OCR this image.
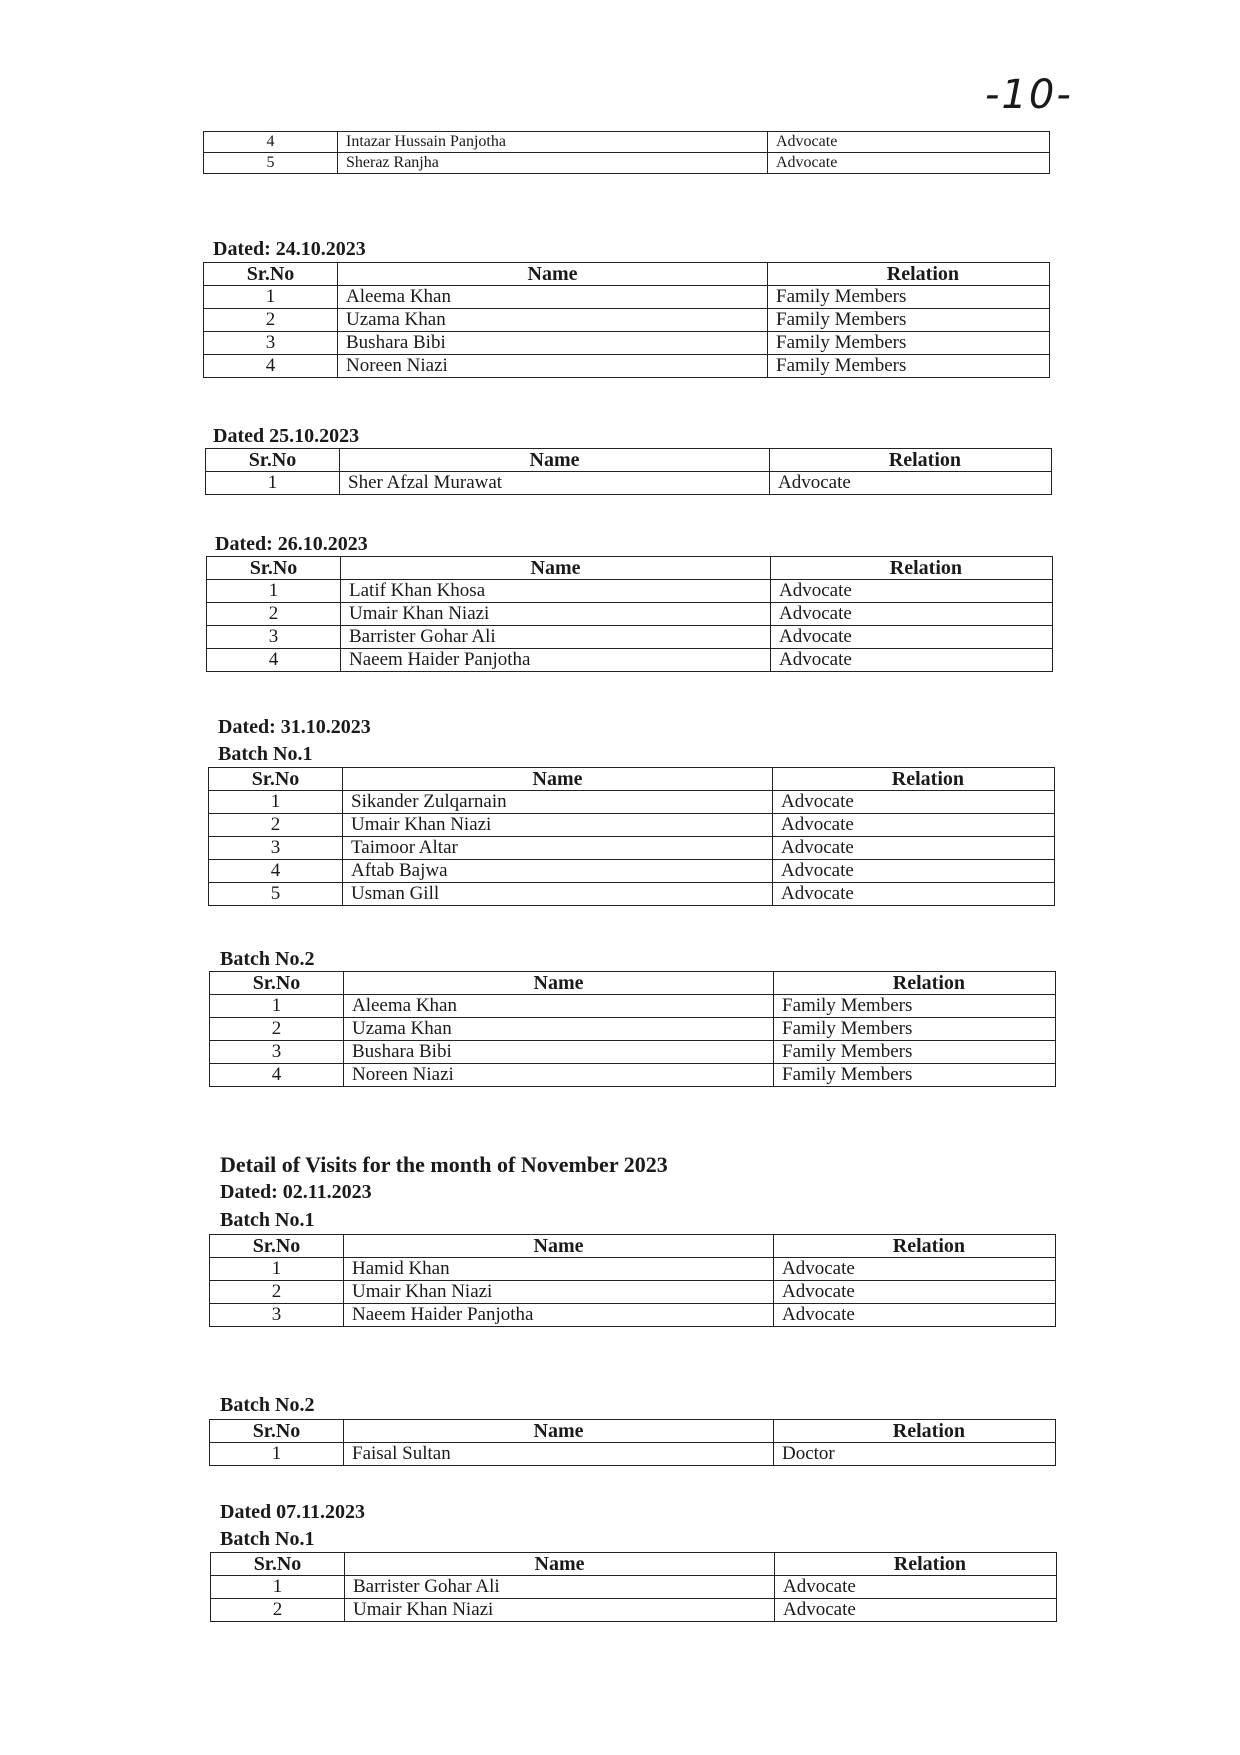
-10-
4	Intazar Hussain Panjotha	Advocate
5	Sheraz Ranjha	Advocate
Dated: 24.10.2023
Sr.No	Name	Relation
1	Aleema Khan	Family Members
2	Uzama Khan	Family Members
3	Bushara Bibi	Family Members
4	Noreen Niazi	Family Members
Dated 25.10.2023
Sr.No	Name	Relation
1	Sher Afzal Murawat	Advocate
Dated: 26.10.2023
Sr.No	Name	Relation
1	Latif Khan Khosa	Advocate
2	Umair Khan Niazi	Advocate
3	Barrister Gohar Ali	Advocate
4	Naeem Haider Panjotha	Advocate
Dated: 31.10.2023
Batch No.1
Sr.No	Name	Relation
1	Sikander Zulqarnain	Advocate
2	Umair Khan Niazi	Advocate
3	Taimoor Altar	Advocate
4	Aftab Bajwa	Advocate
5	Usman Gill	Advocate
Batch No.2
Sr.No	Name	Relation
1	Aleema Khan	Family Members
2	Uzama Khan	Family Members
3	Bushara Bibi	Family Members
4	Noreen Niazi	Family Members
Detail of Visits for the month of November 2023
Dated: 02.11.2023
Batch No.1
Sr.No	Name	Relation
1	Hamid Khan	Advocate
2	Umair Khan Niazi	Advocate
3	Naeem Haider Panjotha	Advocate
Batch No.2
Sr.No	Name	Relation
1	Faisal Sultan	Doctor
Dated 07.11.2023
Batch No.1
Sr.No	Name	Relation
1	Barrister Gohar Ali	Advocate
2	Umair Khan Niazi	Advocate
